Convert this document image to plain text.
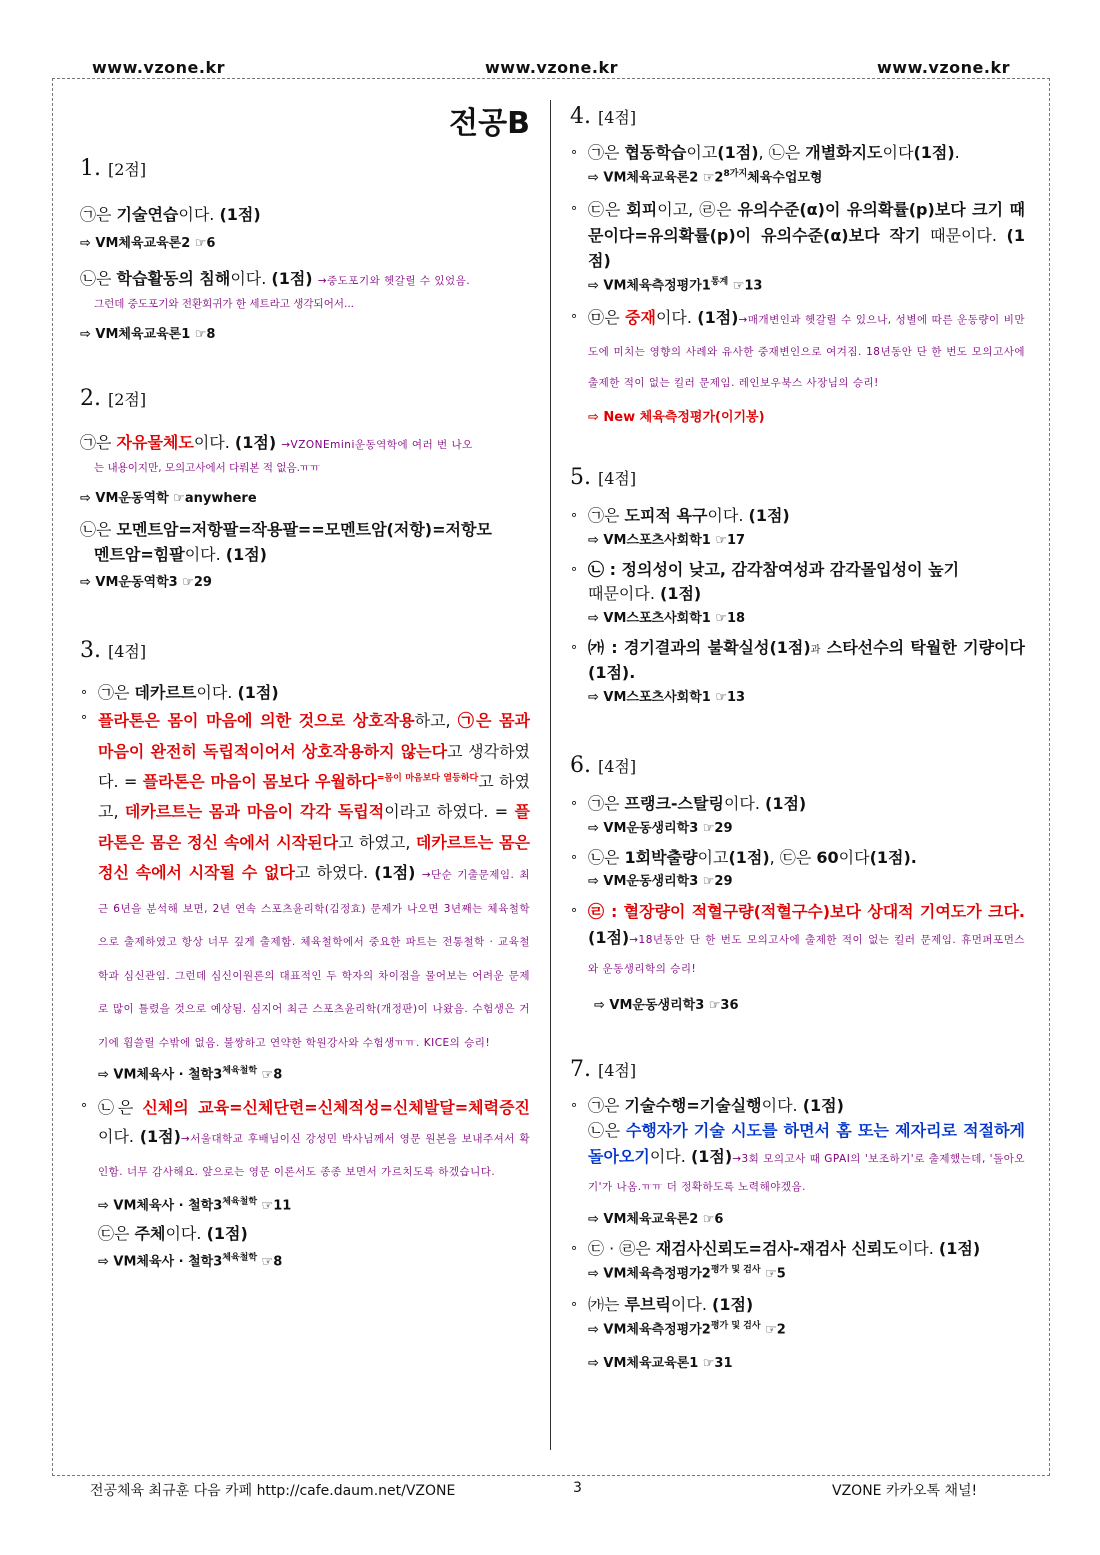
www.vzone.kr	www.vzone.kr	www.vzone.kr
전공B

1. [2점]

㉠은 기술연습이다. (1점)

⇨ VM체육교육론2 ☞6

㉡은 학습활동의 침해이다. (1점) →중도포기와 헷갈릴 수 있었음.

그런데 중도포기와 전환회귀가 한 세트라고 생각되어서...

⇨ VM체육교육론1 ☞8

2. [2점]

㉠은 자유물체도이다. (1점) →VZONEmini운동역학에 여러 번 나오

는 내용이지만, 모의고사에서 다뤄본 적 없음.ㅠㅠ

⇨ VM운동역학 ☞anywhere

㉡은 모멘트암=저항팔=작용팔==모멘트암(저항)=저항모
멘트암=힘팔이다. (1점)

⇨ VM운동역학3 ☞29

3. [4점]

∘ ㉠은 데카르트이다. (1점)

∘ 플라톤은 몸이 마음에 의한 것으로 상호작용하고, ㉠은 몸과 마음이 완전히 독립적이어서 상호작용하지 않는다고 생각하였다. = 플라톤은 마음이 몸보다 우월하다$^{=몸이 마음보다 열등하다}$고 하였고, 데카르트는 몸과 마음이 각각 독립적이라고 하였다. = 플라톤은 몸은 정신 속에서 시작된다고 하였고, 데카르트는 몸은 정신 속에서 시작될 수 없다고 하였다. (1점) →단순 기출문제임. 최근 6년을 분석해 보면, 2년 연속 스포츠윤리학(김정효) 문제가 나오면 3년째는 체육철학으로 출제하였고 항상 너무 깊게 출제함. 체육철학에서 중요한 파트는 전통철학 · 교육철학과 심신관임. 그런데 심신이원론의 대표적인 두 학자의 차이점을 물어보는 어려운 문제로 많이 틀렸을 것으로 예상됨. 심지어 최근 스포츠윤리학(개정판)이 나왔음. 수험생은 거기에 휩쓸릴 수밖에 없음. 불쌍하고 연약한 학원강사와 수험생ㅠㅠ. KICE의 승리!

⇨ VM체육사 · 철학$3^{체육철학}$ ☞8

∘ ㉡은 신체의 교육=신체단련=신체적성=신체발달=체력증진이다. (1점)→서울대학교 후배님이신 강성민 박사님께서 영문 원본을 보내주셔서 확인함. 너무 감사해요. 앞으로는 영문 이론서도 종종 보면서 가르치도록 하겠습니다.

⇨ VM체육사 · 철학$3^{체육철학}$ ☞11

㉢은 주체이다. (1점)

⇨ VM체육사 · 철학$3^{체육철학}$ ☞8

4. [4점]

∘ ㉠은 협동학습이고(1점), ㉡은 개별화지도이다(1점).

⇨ VM체육교육론2 $☞2^{8가지}$체육수업모형

∘ ㉢은 회피이고, ㉣은 유의수준(α)이 유의확률(p)보다 크기 때문이다=유의확률(p)이 유의수준(α)보다 작기 때문이다. (1점)

⇨ VM체육측정평가$1^{통계}$ ☞13

∘ ㉤은 중재이다. (1점)→매개변인과 헷갈릴 수 있으나, 성별에 따른 운동량이 비만도에 미치는 영향의 사례와 유사한 중재변인으로 여겨짐. 18년동안 단 한 번도 모의고사에 출제한 적이 없는 킬러 문제임. 레인보우북스 사장님의 승리!

⇨ New 체육측정평가(이기봉)

5. [4점]

∘ ㉠은 도피적 욕구이다. (1점)

⇨ VM스포츠사회학1 ☞17

∘ ㉡ : 정의성이 낮고, 감각참여성과 감각몰입성이 높기
때문이다. (1점)

⇨ VM스포츠사회학1 ☞18

∘ ㈎ : 경기결과의 불확실성(1점)과 스타선수의 탁월한 기량이다(1점).

⇨ VM스포츠사회학1 ☞13

6. [4점]

∘ ㉠은 프랭크-스탈링이다. (1점)

⇨ VM운동생리학3 ☞29

∘ ㉡은 1회박출량이고(1점), ㉢은 60이다(1점).

⇨ VM운동생리학3 ☞29

∘ ㉣ : 혈장량이 적혈구량(적혈구수)보다 상대적 기여도가 크다. (1점)→18년동안 단 한 번도 모의고사에 출제한 적이 없는 킬러 문제임. 휴먼퍼포먼스와 운동생리학의 승리!

⇨ VM운동생리학3 ☞36

7. [4점]

∘ ㉠은 기술수행=기술실행이다. (1점)

㉡은 수행자가 기술 시도를 하면서 홈 또는 제자리로 적절하게 돌아오기이다. (1점)→3회 모의고사 때 GPAI의 '보조하기'로 출제했는데, '돌아오기'가 나옴.ㅠㅠ 더 정확하도록 노력해야겠음.

⇨ VM체육교육론2 ☞6

∘ ㉢ · ㉣은 재검사신뢰도=검사-재검사 신뢰도이다. (1점)

⇨ VM체육측정평가$2^{평가 및 검사}$ ☞5

∘ ㈎는 루브릭이다. (1점)

⇨ VM체육측정평가$2^{평가 및 검사}$ ☞2

⇨ VM체육교육론1 ☞31

전공체육 최규훈 다음 카페 http://cafe.daum.net/VZONE	3	VZONE 카카오톡 채널!
